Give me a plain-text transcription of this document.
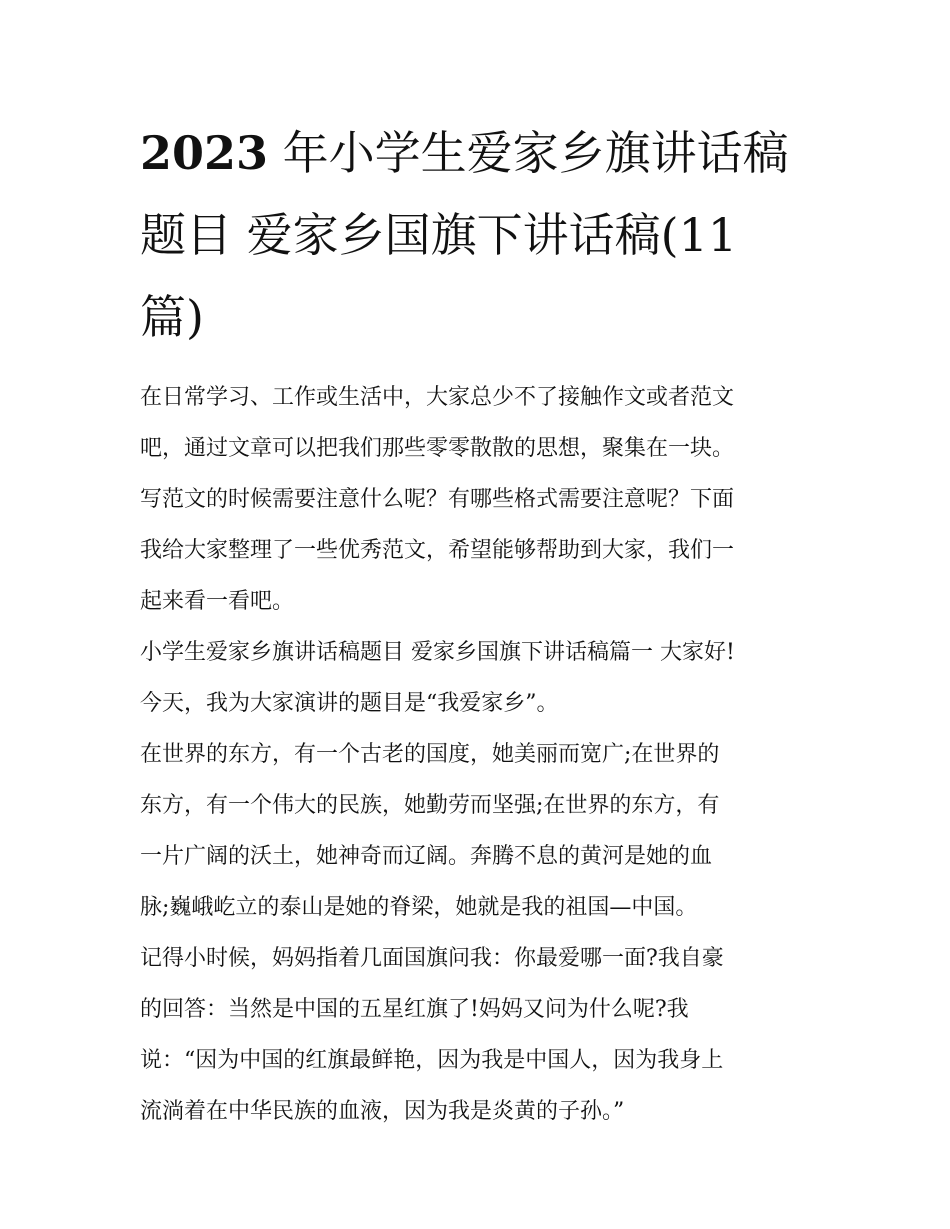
2023 年小学生爱家乡旗讲话稿
题目 爱家乡国旗下讲话稿(11
篇)
在日常学习、工作或生活中，大家总少不了接触作文或者范文
吧，通过文章可以把我们那些零零散散的思想，聚集在一块。
写范文的时候需要注意什么呢？有哪些格式需要注意呢？下面
我给大家整理了一些优秀范文，希望能够帮助到大家，我们一
起来看一看吧。
小学生爱家乡旗讲话稿题目 爱家乡国旗下讲话稿篇一 大家好!
今天，我为大家演讲的题目是“我爱家乡”。
在世界的东方，有一个古老的国度，她美丽而宽广;在世界的
东方，有一个伟大的民族，她勤劳而坚强;在世界的东方，有
一片广阔的沃土，她神奇而辽阔。奔腾不息的黄河是她的血
脉;巍峨屹立的泰山是她的脊梁，她就是我的祖国—中国。
记得小时候，妈妈指着几面国旗问我：你最爱哪一面?我自豪
的回答：当然是中国的五星红旗了!妈妈又问为什么呢?我
说：“因为中国的红旗最鲜艳，因为我是中国人，因为我身上
流淌着在中华民族的血液，因为我是炎黄的子孙。”
